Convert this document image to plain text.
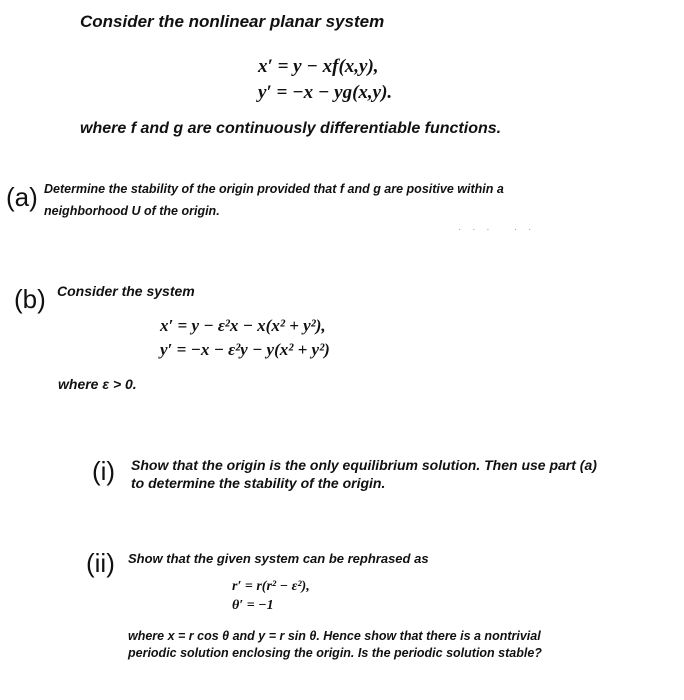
Consider the nonlinear planar system
x′ = y − xf(x,y),
y′ = −x − yg(x,y).
where f and g are continuously differentiable functions.
(a) Determine the stability of the origin provided that f and g are positive within a
neighborhood U of the origin.
· · ·   · ·
(b) Consider the system
x′ = y − ε²x − x(x² + y²),
y′ = −x − ε²y − y(x² + y²)
where ε > 0.
(i) Show that the origin is the only equilibrium solution. Then use part (a)
to determine the stability of the origin.
(ii) Show that the given system can be rephrased as
r′ = r(r² − ε²),
θ′ = −1
where x = r cos θ and y = r sin θ. Hence show that there is a nontrivial
periodic solution enclosing the origin. Is the periodic solution stable?
